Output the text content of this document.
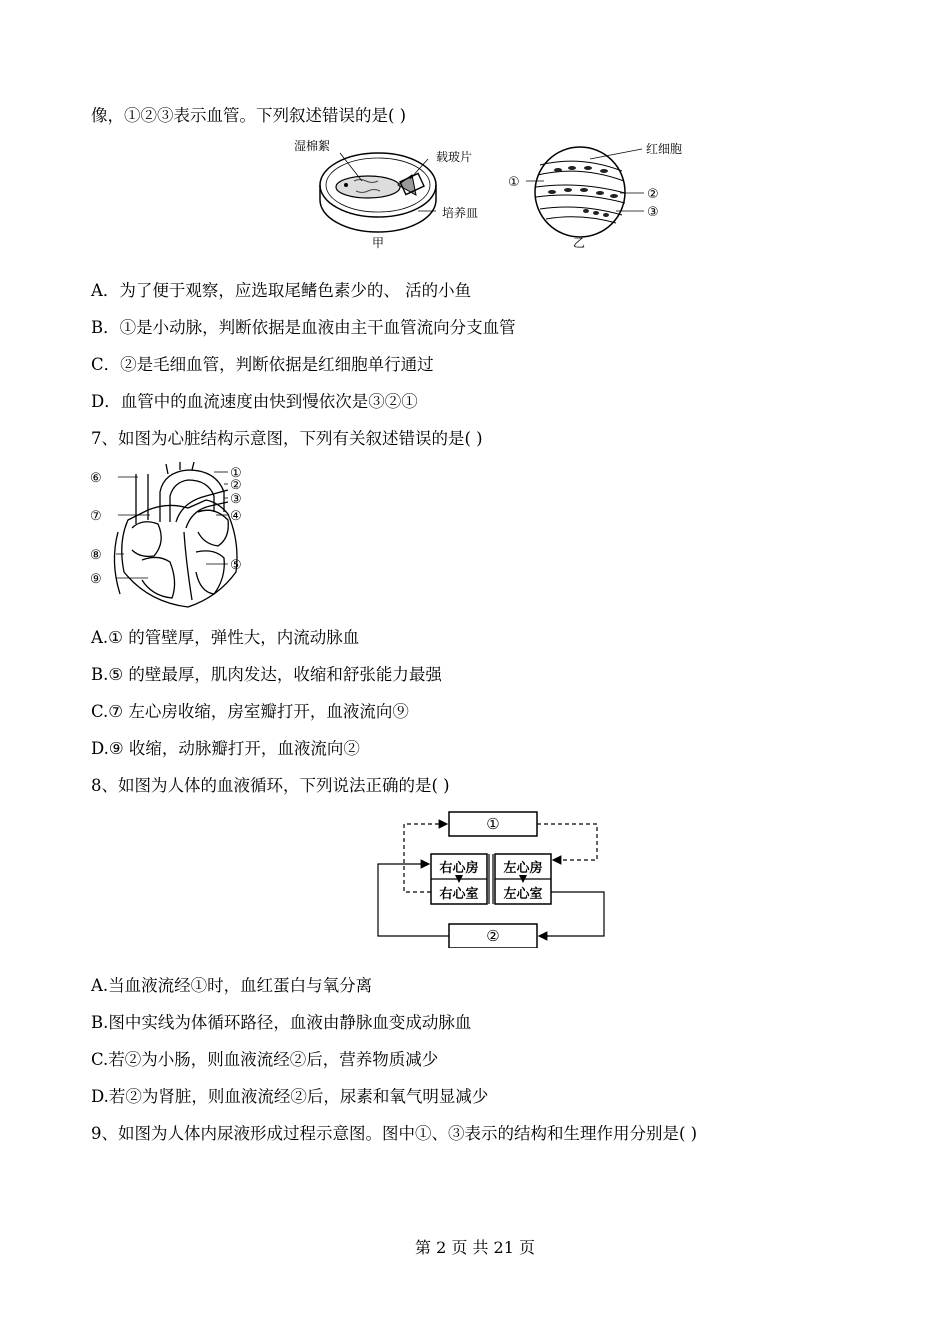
像，①②③表示血管。下列叙述错误的是( )
湿棉絮
载玻片
培养皿
甲
红细胞
①
②
③
乙
A．为了便于观察，应选取尾鳍色素少的、 活的小鱼
B．①是小动脉，判断依据是血液由主干血管流向分支血管
C．②是毛细血管，判断依据是红细胞单行通过
D．血管中的血流速度由快到慢依次是③②①
7、如图为心脏结构示意图，下列有关叙述错误的是( )
⑥	①
②
③
④
⑦
⑧
⑨
⑤
A.① 的管壁厚，弹性大，内流动脉血
B.⑤ 的壁最厚，肌肉发达，收缩和舒张能力最强
C.⑦ 左心房收缩，房室瓣打开，血液流向⑨
D.⑨ 收缩，动脉瓣打开，血液流向②
8、如图为人体的血液循环，下列说法正确的是( )
①
右心房
右心室
左心房
左心室
②
A.当血液流经①时，血红蛋白与氧分离
B.图中实线为体循环路径，血液由静脉血变成动脉血
C.若②为小肠，则血液流经②后，营养物质减少
D.若②为肾脏，则血液流经②后，尿素和氧气明显减少
9、如图为人体内尿液形成过程示意图。图中①、③表示的结构和生理作用分别是( )
第 2 页 共 21 页
